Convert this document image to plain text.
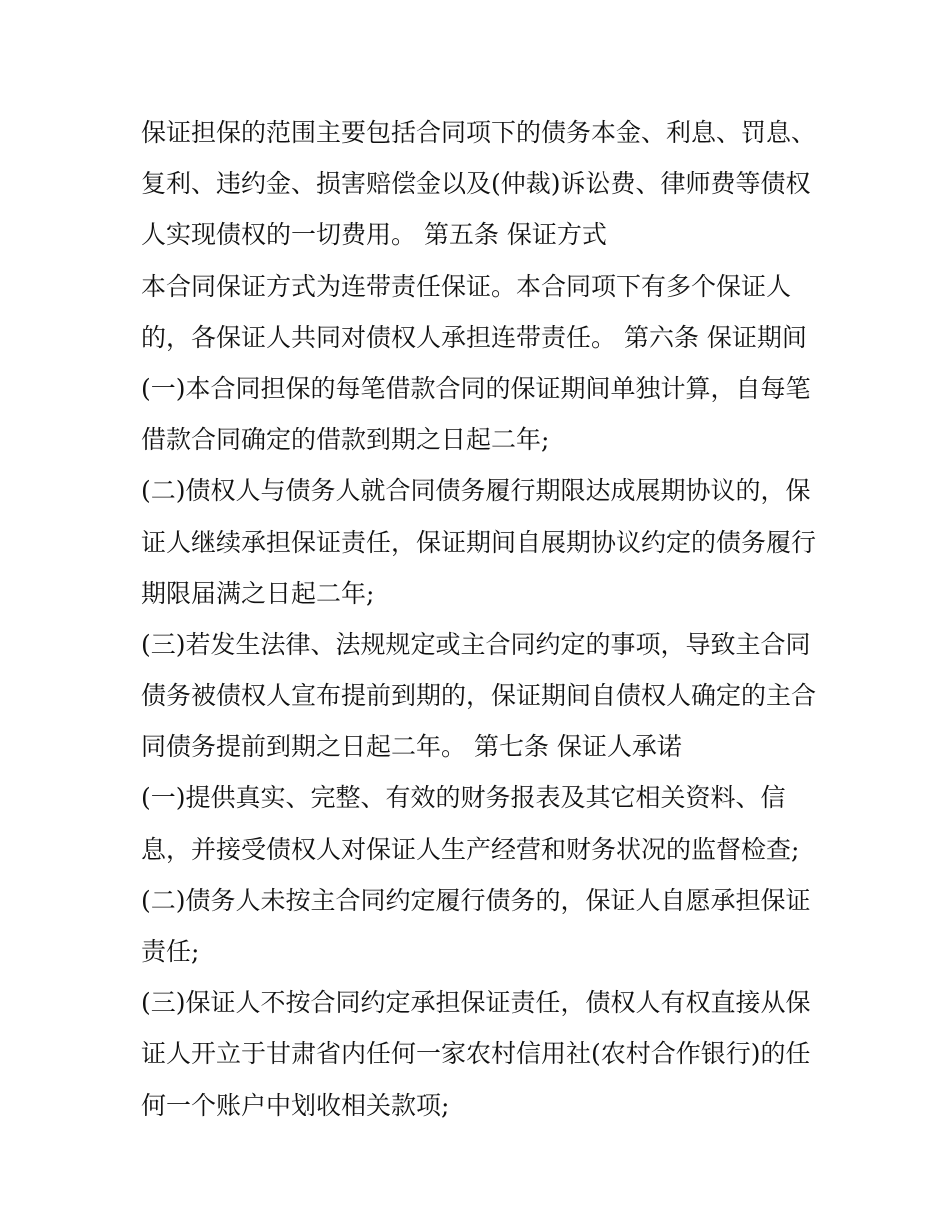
保证担保的范围主要包括合同项下的债务本金、利息、罚息、
复利、违约金、损害赔偿金以及(仲裁)诉讼费、律师费等债权
人实现债权的一切费用。 第五条 保证方式
本合同保证方式为连带责任保证。本合同项下有多个保证人
的，各保证人共同对债权人承担连带责任。 第六条 保证期间
(一)本合同担保的每笔借款合同的保证期间单独计算，自每笔
借款合同确定的借款到期之日起二年;
(二)债权人与债务人就合同债务履行期限达成展期协议的，保
证人继续承担保证责任，保证期间自展期协议约定的债务履行
期限届满之日起二年;
(三)若发生法律、法规规定或主合同约定的事项，导致主合同
债务被债权人宣布提前到期的，保证期间自债权人确定的主合
同债务提前到期之日起二年。 第七条 保证人承诺
(一)提供真实、完整、有效的财务报表及其它相关资料、信
息，并接受债权人对保证人生产经营和财务状况的监督检查;
(二)债务人未按主合同约定履行债务的，保证人自愿承担保证
责任;
(三)保证人不按合同约定承担保证责任，债权人有权直接从保
证人开立于甘肃省内任何一家农村信用社(农村合作银行)的任
何一个账户中划收相关款项;
